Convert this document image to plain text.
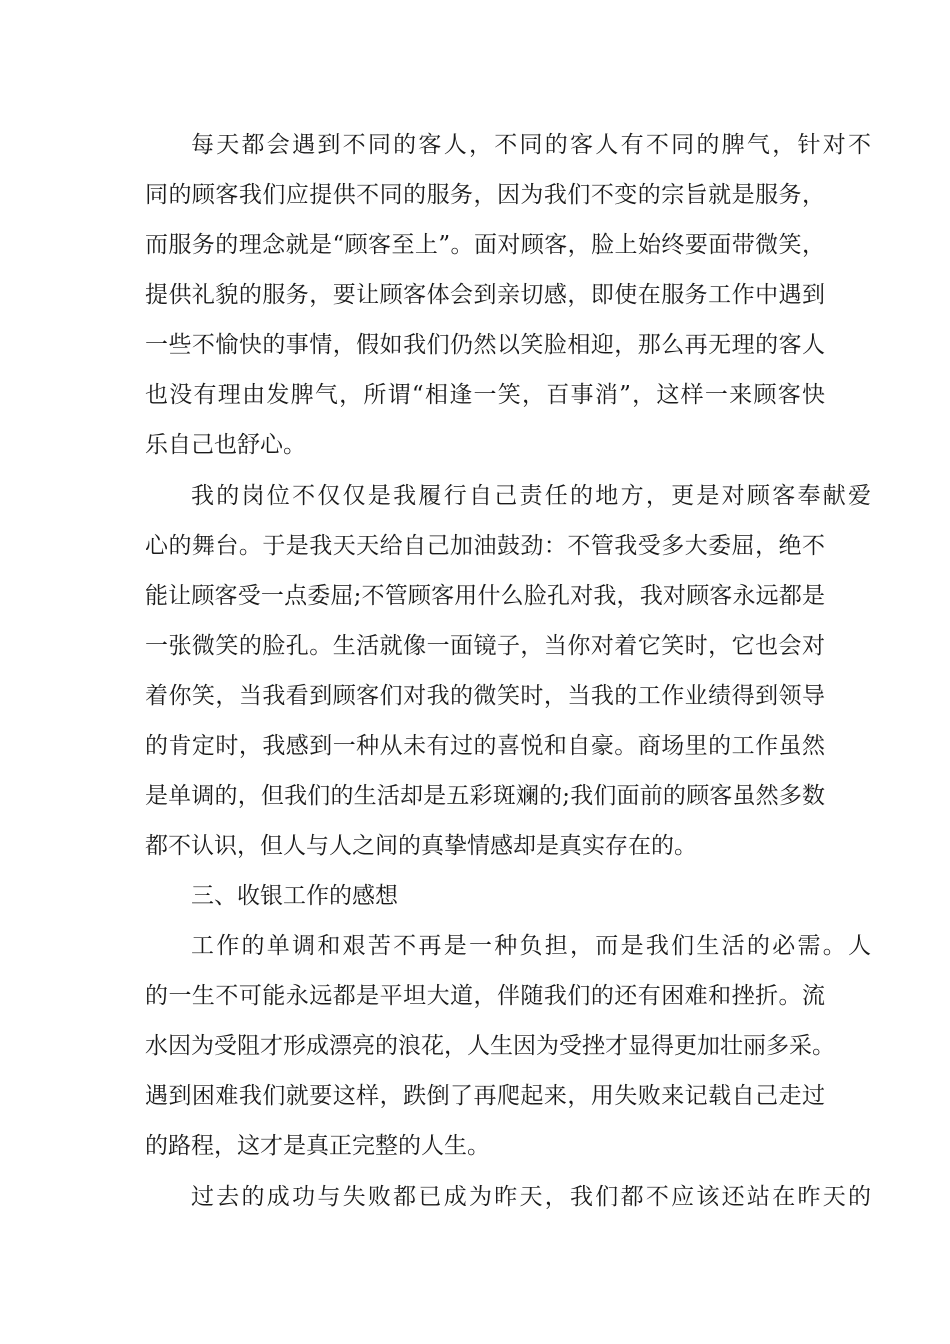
每天都会遇到不同的客人，不同的客人有不同的脾气，针对不
同的顾客我们应提供不同的服务，因为我们不变的宗旨就是服务，
而服务的理念就是“顾客至上”。面对顾客，脸上始终要面带微笑，
提供礼貌的服务，要让顾客体会到亲切感，即使在服务工作中遇到
一些不愉快的事情，假如我们仍然以笑脸相迎，那么再无理的客人
也没有理由发脾气，所谓“相逢一笑，百事消”，这样一来顾客快
乐自己也舒心。
我的岗位不仅仅是我履行自己责任的地方，更是对顾客奉献爱
心的舞台。于是我天天给自己加油鼓劲：不管我受多大委屈，绝不
能让顾客受一点委屈;不管顾客用什么脸孔对我，我对顾客永远都是
一张微笑的脸孔。生活就像一面镜子，当你对着它笑时，它也会对
着你笑，当我看到顾客们对我的微笑时，当我的工作业绩得到领导
的肯定时，我感到一种从未有过的喜悦和自豪。商场里的工作虽然
是单调的，但我们的生活却是五彩斑斓的;我们面前的顾客虽然多数
都不认识，但人与人之间的真挚情感却是真实存在的。
三、收银工作的感想
工作的单调和艰苦不再是一种负担，而是我们生活的必需。人
的一生不可能永远都是平坦大道，伴随我们的还有困难和挫折。流
水因为受阻才形成漂亮的浪花，人生因为受挫才显得更加壮丽多采。
遇到困难我们就要这样，跌倒了再爬起来，用失败来记载自己走过
的路程，这才是真正完整的人生。
过去的成功与失败都已成为昨天，我们都不应该还站在昨天的
